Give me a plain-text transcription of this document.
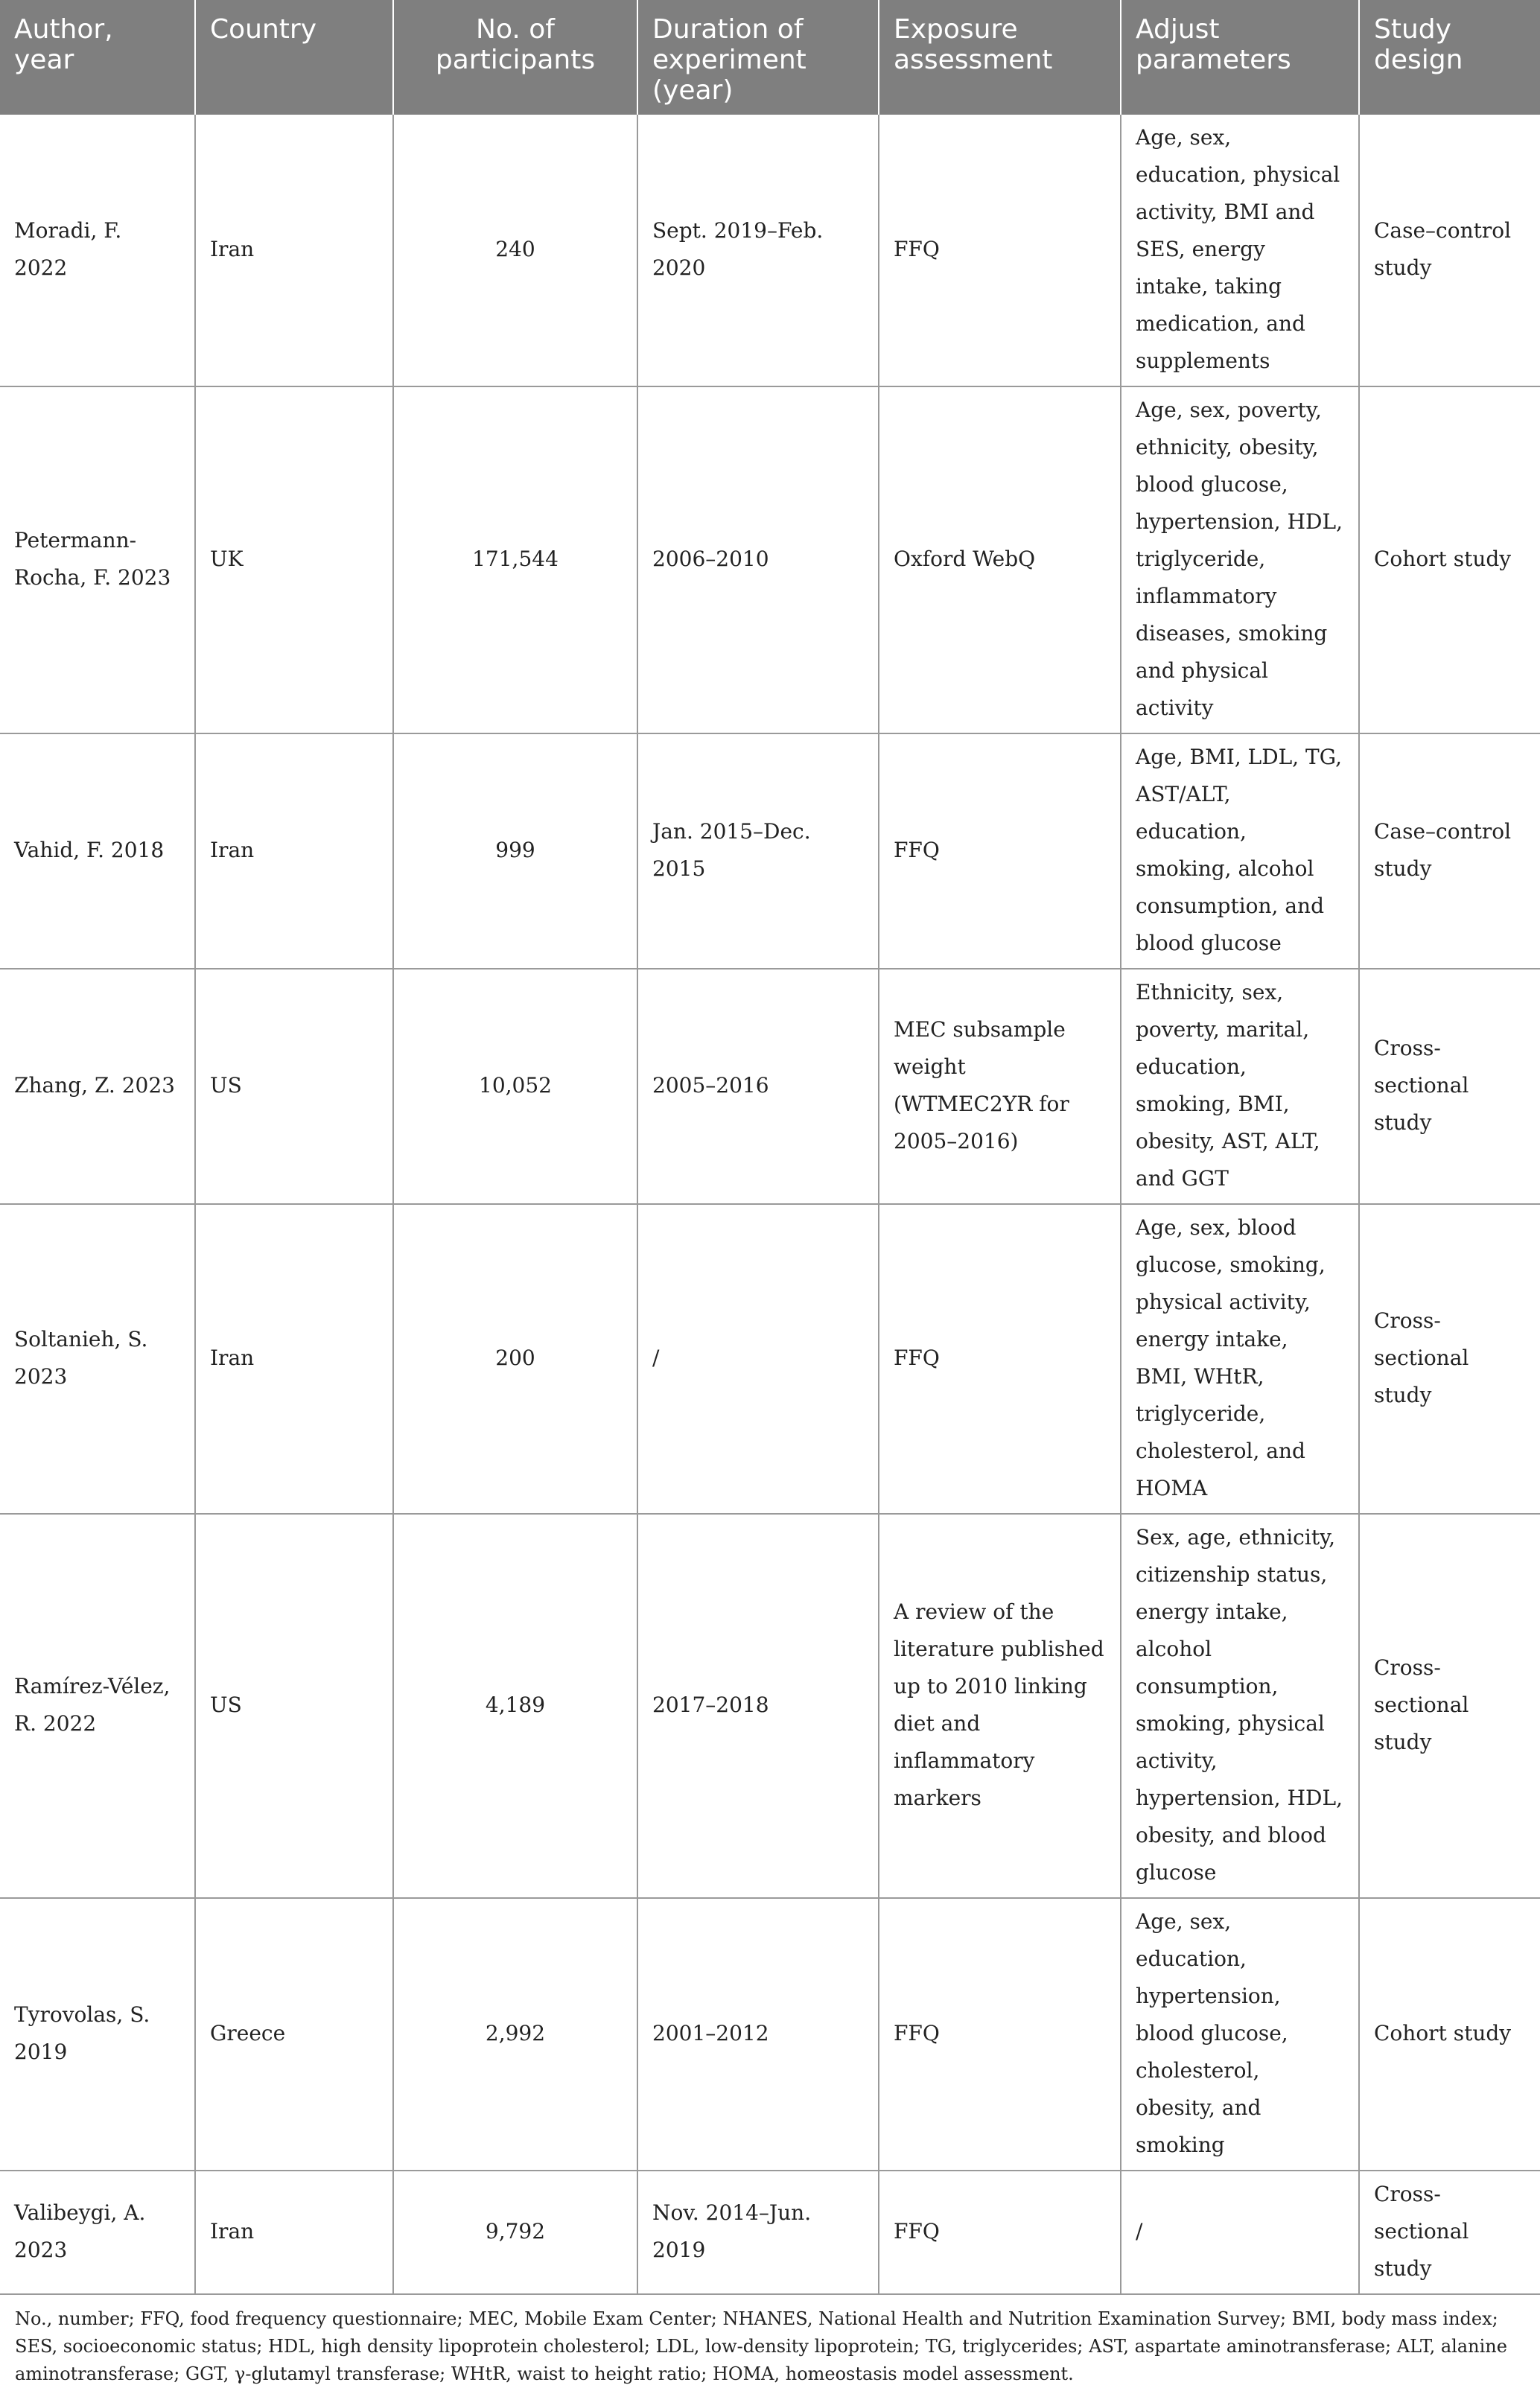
Author, year	Country	No. of participants	Duration of experiment (year)	Exposure assessment	Adjust parameters	Study design
Moradi, F. 2022	Iran	240	Sept. 2019–Feb. 2020	FFQ	Age, sex, education, physical activity, BMI and SES, energy intake, taking medication, and supplements	Case–control study
Petermann-Rocha, F. 2023	UK	171,544	2006–2010	Oxford WebQ	Age, sex, poverty, ethnicity, obesity, blood glucose, hypertension, HDL, triglyceride, inflammatory diseases, smoking and physical activity	Cohort study
Vahid, F. 2018	Iran	999	Jan. 2015–Dec. 2015	FFQ	Age, BMI, LDL, TG, AST/ALT, education, smoking, alcohol consumption, and blood glucose	Case–control study
Zhang, Z. 2023	US	10,052	2005–2016	MEC subsample weight (WTMEC2YR for 2005–2016)	Ethnicity, sex, poverty, marital, education, smoking, BMI, obesity, AST, ALT, and GGT	Cross-sectional study
Soltanieh, S. 2023	Iran	200	/	FFQ	Age, sex, blood glucose, smoking, physical activity, energy intake, BMI, WHtR, triglyceride, cholesterol, and HOMA	Cross-sectional study
Ramírez-Vélez, R. 2022	US	4,189	2017–2018	A review of the literature published up to 2010 linking diet and inflammatory markers	Sex, age, ethnicity, citizenship status, energy intake, alcohol consumption, smoking, physical activity, hypertension, HDL, obesity, and blood glucose	Cross-sectional study
Tyrovolas, S. 2019	Greece	2,992	2001–2012	FFQ	Age, sex, education, hypertension, blood glucose, cholesterol, obesity, and smoking	Cohort study
Valibeygi, A. 2023	Iran	9,792	Nov. 2014–Jun. 2019	FFQ	/	Cross-sectional study
No., number; FFQ, food frequency questionnaire; MEC, Mobile Exam Center; NHANES, National Health and Nutrition Examination Survey; BMI, body mass index; SES, socioeconomic status; HDL, high density lipoprotein cholesterol; LDL, low-density lipoprotein; TG, triglycerides; AST, aspartate aminotransferase; ALT, alanine aminotransferase; GGT, γ-glutamyl transferase; WHtR, waist to height ratio; HOMA, homeostasis model assessment.
